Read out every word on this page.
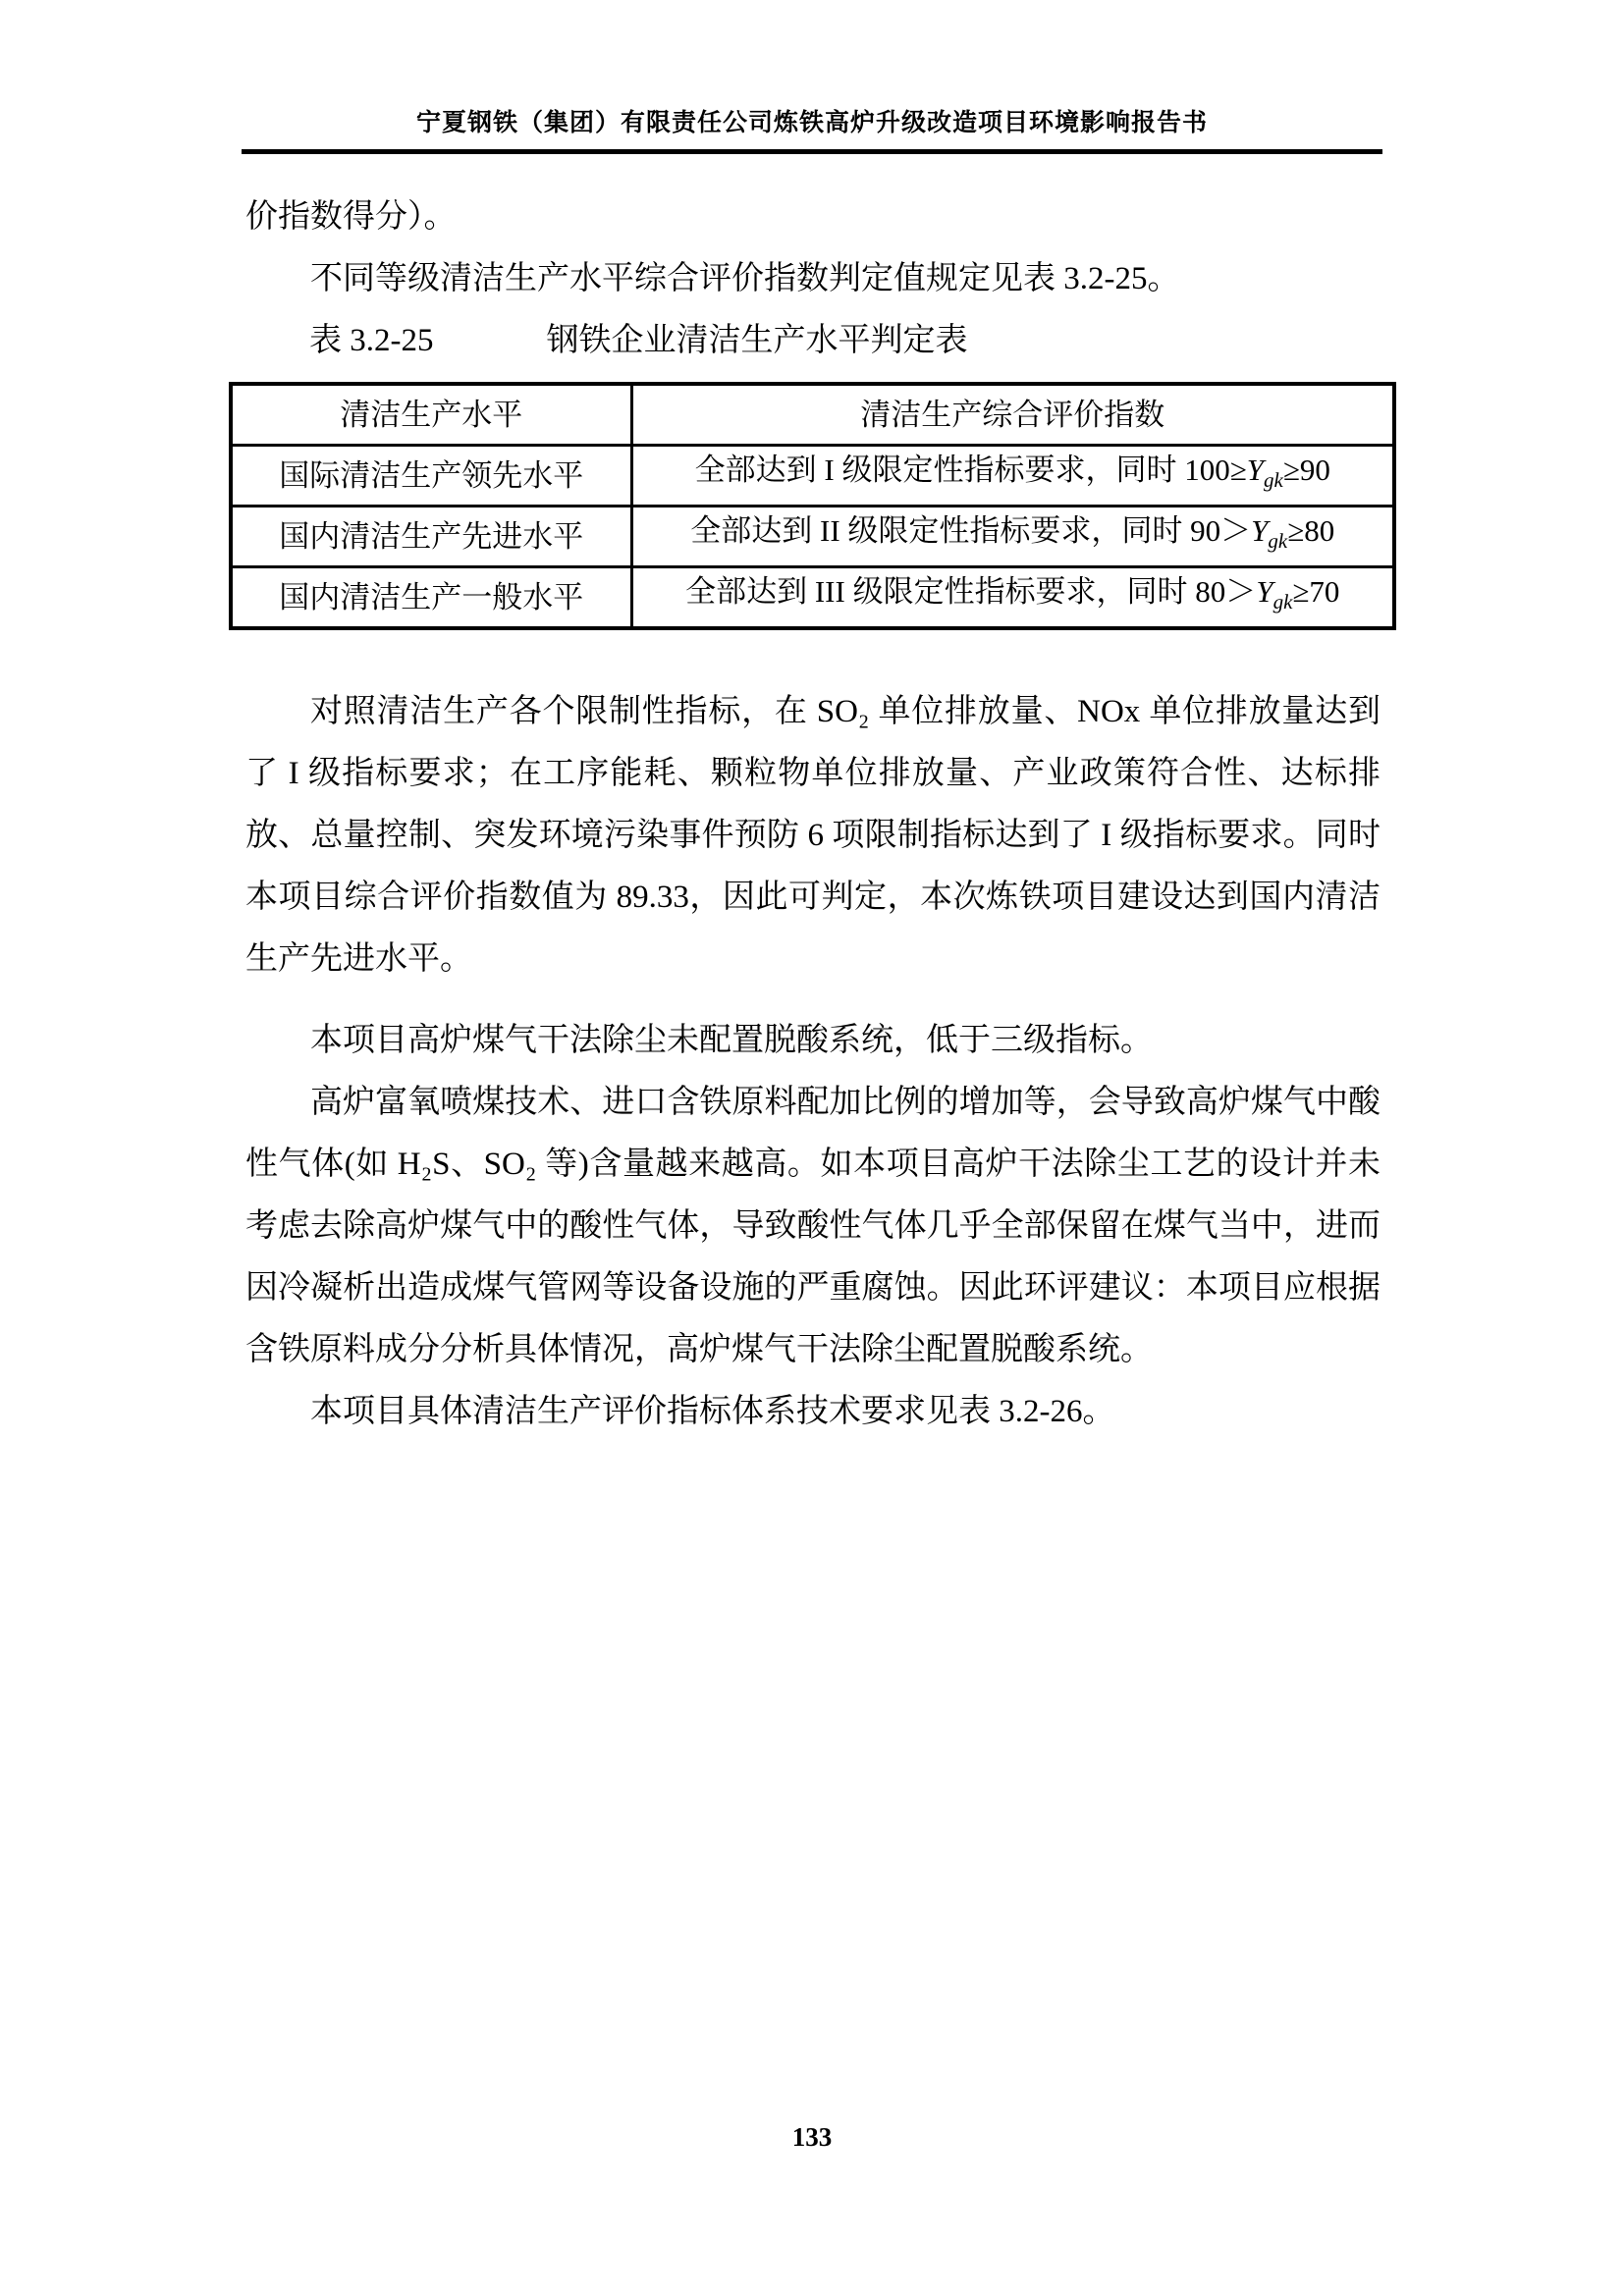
宁夏钢铁（集团）有限责任公司炼铁高炉升级改造项目环境影响报告书

价指数得分）。

不同等级清洁生产水平综合评价指数判定值规定见表 3.2-25。

表 3.2-25	钢铁企业清洁生产水平判定表
清洁生产水平	清洁生产综合评价指数
国际清洁生产领先水平	全部达到 I 级限定性指标要求，同时 $100\ge Y_{gk}\ge 90$
国内清洁生产先进水平	全部达到 II 级限定性指标要求，同时 $90>Y_{gk}\ge 80$
国内清洁生产一般水平	全部达到 III 级限定性指标要求，同时 $80>Y_{gk}\ge 70$

对照清洁生产各个限制性指标，在 SO₂ 单位排放量、NOx 单位排放量达到了 I 级指标要求；在工序能耗、颗粒物单位排放量、产业政策符合性、达标排放、总量控制、突发环境污染事件预防 6 项限制指标达到了 I 级指标要求。同时本项目综合评价指数值为 89.33，因此可判定，本次炼铁项目建设达到国内清洁生产先进水平。

本项目高炉煤气干法除尘未配置脱酸系统，低于三级指标。

高炉富氧喷煤技术、进口含铁原料配加比例的增加等，会导致高炉煤气中酸性气体(如 H₂S、SO₂ 等)含量越来越高。如本项目高炉干法除尘工艺的设计并未考虑去除高炉煤气中的酸性气体，导致酸性气体几乎全部保留在煤气当中，进而因冷凝析出造成煤气管网等设备设施的严重腐蚀。因此环评建议：本项目应根据含铁原料成分分析具体情况，高炉煤气干法除尘配置脱酸系统。

本项目具体清洁生产评价指标体系技术要求见表 3.2-26。

133
